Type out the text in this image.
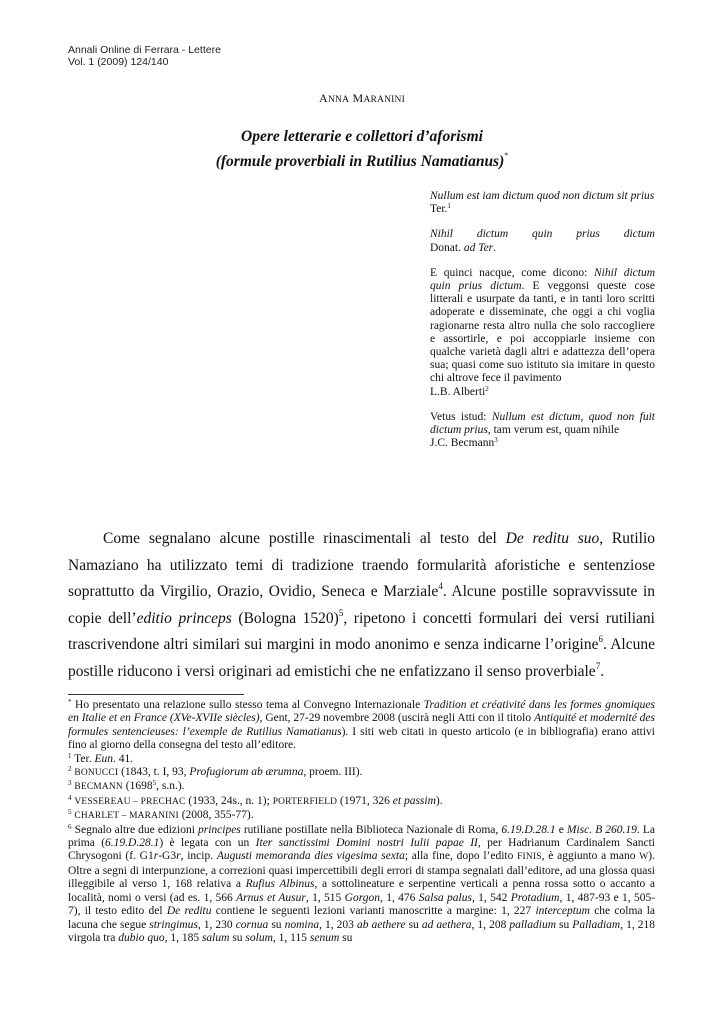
Annali Online di Ferrara - Lettere
Vol. 1 (2009) 124/140
ANNA MARANINI
Opere letterarie e collettori d’aforismi
(formule proverbiali in Rutilius Namatianus)*

Nullum est iam dictum quod non dictum sit prius

Ter.$^1$

Nihil dictum quin prius dictum

Donat. ad Ter.

E quinci nacque, come dicono: Nihil dictum quin prius dictum. E veggonsi queste cose litterali e usurpate da tanti, e in tanti loro scritti adoperate e disseminate, che oggi a chi voglia ragionarne resta altro nulla che solo raccogliere e assortirle, e poi accoppiarle insieme con qualche varietà dagli altri e adattezza dell’opera sua; quasi come suo istituto sia imitare in questo chi altrove fece il pavimento

L.B. Alberti$^2$

Vetus istud: Nullum est dictum, quod non fuit dictum prius, tam verum est, quam nihile

J.C. Becmann$^3$

Come segnalano alcune postille rinascimentali al testo del De reditu suo, Rutilio Namaziano ha utilizzato temi di tradizione traendo formularità aforistiche e sentenziose soprattutto da Virgilio, Orazio, Ovidio, Seneca e Marziale$^4$. Alcune postille sopravvissute in copie dell’editio princeps (Bologna 1520)$^5$, ripetono i concetti formulari dei versi rutiliani trascrivendone altri similari sui margini in modo anonimo e senza indicarne l’origine$^6$. Alcune postille riducono i versi originari ad emistichi che ne enfatizzano il senso proverbiale$^7$.

* Ho presentato una relazione sullo stesso tema al Convegno Internazionale Tradition et créativité dans les formes gnomiques en Italie et en France (XVe-XVIIe siècles), Gent, 27-29 novembre 2008 (uscirà negli Atti con il titolo Antiquité et modernité des formules sentencieuses: l’exemple de Rutilius Namatianus). I siti web citati in questo articolo (e in bibliografia) erano attivi fino al giorno della consegna del testo all’editore.

$^1$ Ter. Eun. 41.

$^2$ BONUCCI (1843, t. I, 93, Profugiorum ab ærumna, proem. III).

$^3$ BECMANN (1698$^5$, s.n.).

$^4$ VESSEREAU – PRECHAC (1933, 24s., n. 1); PORTERFIELD (1971, 326 et passim).

$^5$ CHARLET – MARANINI (2008, 355-77).

$^6$ Segnalo altre due edizioni principes rutiliane postillate nella Biblioteca Nazionale di Roma, 6.19.D.28.1 e Misc. B 260.19. La prima (6.19.D.28.1) è legata con un Iter sanctissimi Domini nostri Iulii papae II, per Hadrianum Cardinalem Sancti Chrysogoni (f. G1r-G3r, incip. Augusti memoranda dies vigesima sexta; alla fine, dopo l’edito FINIS, è aggiunto a mano W). Oltre a segni di interpunzione, a correzioni quasi impercettibili degli errori di stampa segnalati dall’editore, ad una glossa quasi illeggibile al verso 1, 168 relativa a Rufius Albinus, a sottolineature e serpentine verticali a penna rossa sotto o accanto a località, nomi o versi (ad es. 1, 566 Arnus et Ausur, 1, 515 Gorgon, 1, 476 Salsa palus, 1, 542 Protadium, 1, 487-93 e 1, 505-7), il testo edito del De reditu contiene le seguenti lezioni varianti manoscritte a margine: 1, 227 interceptum che colma la lacuna che segue stringimus, 1, 230 cornua su nomina, 1, 203 ab aethere su ad aethera, 1, 208 palladium su Palladiam, 1, 218 virgola tra dubio quo, 1, 185 salum su solum, 1, 115 senum su
